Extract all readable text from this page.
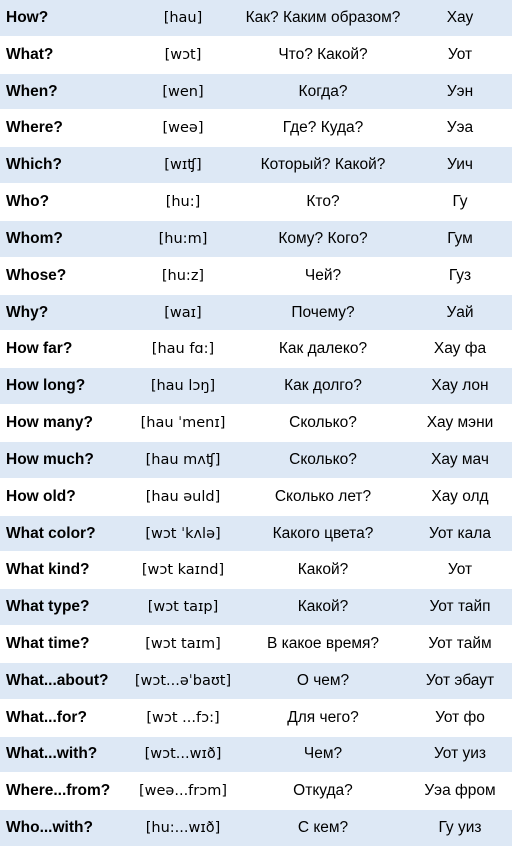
How?	[hau]	Как? Каким образом?	Хау
What?	[wɔt]	Что? Какой?	Уот
When?	[wen]	Когда?	Уэн
Where?	[weə]	Где? Куда?	Уэа
Which?	[wɪʧ]	Который? Какой?	Уич
Who?	[hu:]	Кто?	Гу
Whom?	[hu:m]	Кому? Кого?	Гум
Whose?	[hu:z]	Чей?	Гуз
Why?	[waɪ]	Почему?	Уай
How far?	[hau fɑ:]	Как далеко?	Хау фа
How long?	[hau lɔŋ]	Как долго?	Хау лон
How many?	[hau ˈmenɪ]	Сколько?	Хау мэни
How much?	[hau mʌʧ]	Сколько?	Хау мач
How old?	[hau əuld]	Сколько лет?	Хау олд
What color?	[wɔt ˈkʌlə]	Какого цвета?	Уот кала
What kind?	[wɔt kaɪnd]	Какой?	Уот
What type?	[wɔt taɪp]	Какой?	Уот тайп
What time?	[wɔt taɪm]	В какое время?	Уот тайм
What...about?	[wɔt...əˈbaʊt]	О чем?	Уот эбаут
What...for?	[wɔt ...fɔ:]	Для чего?	Уот фо
What...with?	[wɔt...wɪð]	Чем?	Уот уиз
Where...from?	[weə...frɔm]	Откуда?	Уэа фром
Who...with?	[hu:...wɪð]	С кем?	Гу уиз
